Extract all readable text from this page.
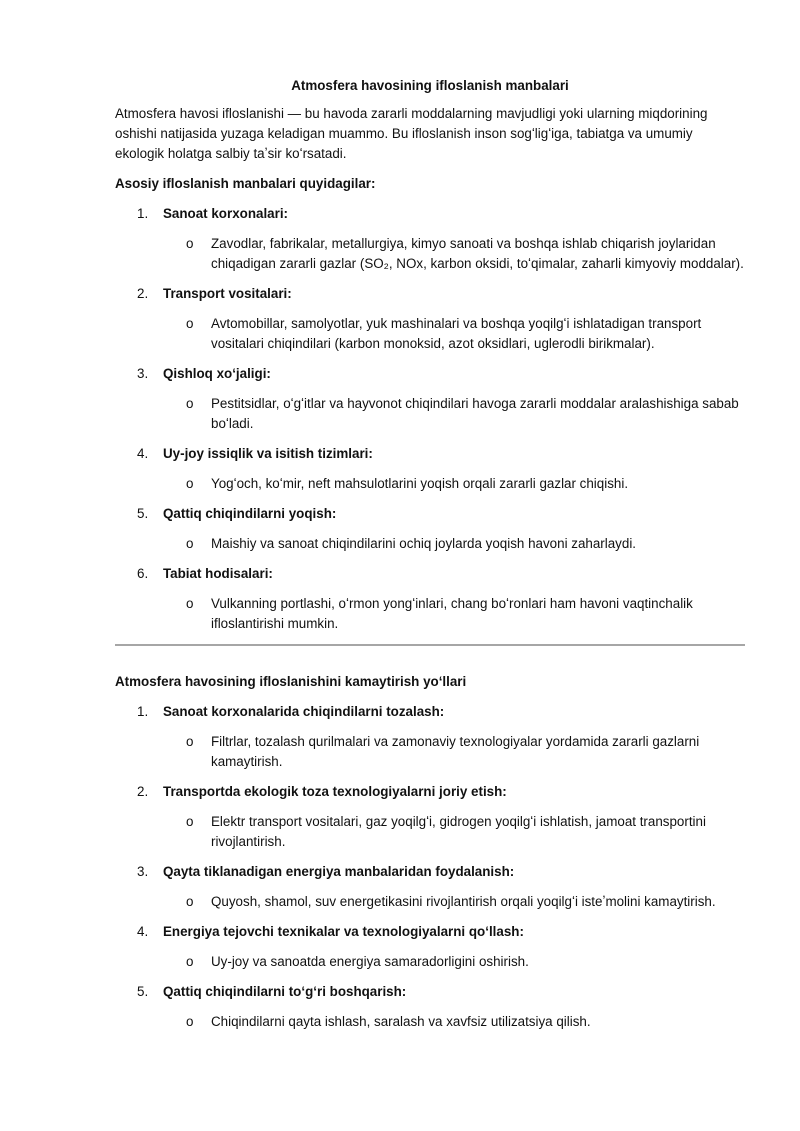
Atmosfera havosining ifloslanish manbalari

Atmosfera havosi ifloslanishi — bu havoda zararli moddalarning mavjudligi yoki ularning miqdorining oshishi natijasida yuzaga keladigan muammo. Bu ifloslanish inson sogʻligʻiga, tabiatga va umumiy ekologik holatga salbiy taʼsir koʻrsatadi.

Asosiy ifloslanish manbalari quyidagilar:

1. Sanoat korxonalari:
o Zavodlar, fabrikalar, metallurgiya, kimyo sanoati va boshqa ishlab chiqarish joylaridan chiqadigan zararli gazlar (SO₂, NOx, karbon oksidi, toʻqimalar, zaharli kimyoviy moddalar).
2. Transport vositalari:
o Avtomobillar, samolyotlar, yuk mashinalari va boshqa yoqilgʻi ishlatadigan transport vositalari chiqindilari (karbon monoksid, azot oksidlari, uglerodli birikmalar).
3. Qishloq xoʻjaligi:
o Pestitsidlar, oʻgʻitlar va hayvonot chiqindilari havoga zararli moddalar aralashishiga sabab boʻladi.
4. Uy-joy issiqlik va isitish tizimlari:
o Yogʻoch, koʻmir, neft mahsulotlarini yoqish orqali zararli gazlar chiqishi.
5. Qattiq chiqindilarni yoqish:
o Maishiy va sanoat chiqindilarini ochiq joylarda yoqish havoni zaharlaydi.
6. Tabiat hodisalari:
o Vulkanning portlashi, oʻrmon yongʻinlari, chang boʻronlari ham havoni vaqtinchalik ifloslantirishi mumkin.

Atmosfera havosining ifloslanishini kamaytirish yoʻllari

1. Sanoat korxonalarida chiqindilarni tozalash:
o Filtrlar, tozalash qurilmalari va zamonaviy texnologiyalar yordamida zararli gazlarni kamaytirish.
2. Transportda ekologik toza texnologiyalarni joriy etish:
o Elektr transport vositalari, gaz yoqilgʻi, gidrogen yoqilgʻi ishlatish, jamoat transportini rivojlantirish.
3. Qayta tiklanadigan energiya manbalaridan foydalanish:
o Quyosh, shamol, suv energetikasini rivojlantirish orqali yoqilgʻi isteʼmolini kamaytirish.
4. Energiya tejovchi texnikalar va texnologiyalarni qoʻllash:
o Uy-joy va sanoatda energiya samaradorligini oshirish.
5. Qattiq chiqindilarni toʻgʻri boshqarish:
o Chiqindilarni qayta ishlash, saralash va xavfsiz utilizatsiya qilish.
